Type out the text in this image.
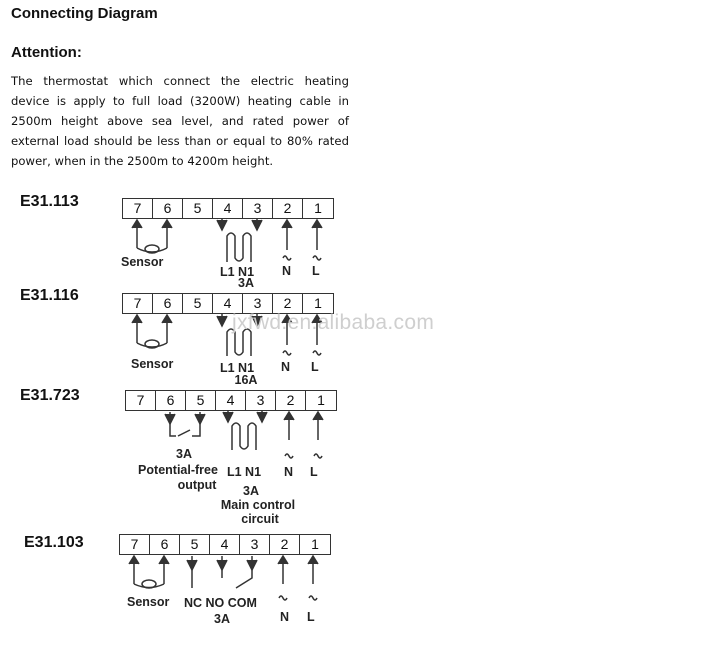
Connecting Diagram
Attention:
The thermostat which connect the electric heating
device is apply to full load (3200W) heating cable in
2500m height above sea level, and rated power of
external load should be less than or equal to 80% rated
power, when in the 2500m to 4200m height.
E31.113	7	6	5	4	3	2	1
Sensor
L1 N1
3A
N L
E31.116	7	6	5	4	3	2	1
Sensor	L1 N1
16A
N L
jxfwd.en.alibaba.com
E31.723	7	6	5	4	3	2	1
3A
Potential-free
output
L1 N1
3A
Main control
circuit
N L
E31.103	7	6	5	4	3	2	1
Sensor NC NO COM
3A	N L
